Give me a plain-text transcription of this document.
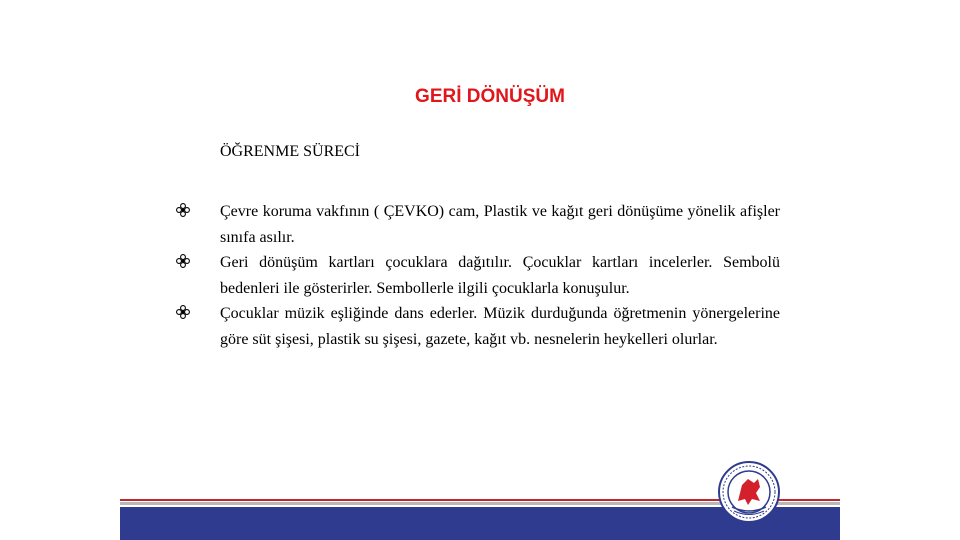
GERİ DÖNÜŞÜM
ÖĞRENME SÜRECİ
Çevre koruma vakfının ( ÇEVKO) cam, Plastik ve kağıt geri dönüşüme yönelik afişler sınıfa asılır.
Geri dönüşüm kartları çocuklara dağıtılır. Çocuklar kartları incelerler. Sembolü bedenleri ile gösterirler. Sembollerle ilgili çocuklarla konuşulur.
Çocuklar müzik eşliğinde dans ederler. Müzik durduğunda öğretmenin yönergelerine göre süt şişesi, plastik su şişesi, gazete, kağıt vb. nesnelerin heykelleri olurlar.
